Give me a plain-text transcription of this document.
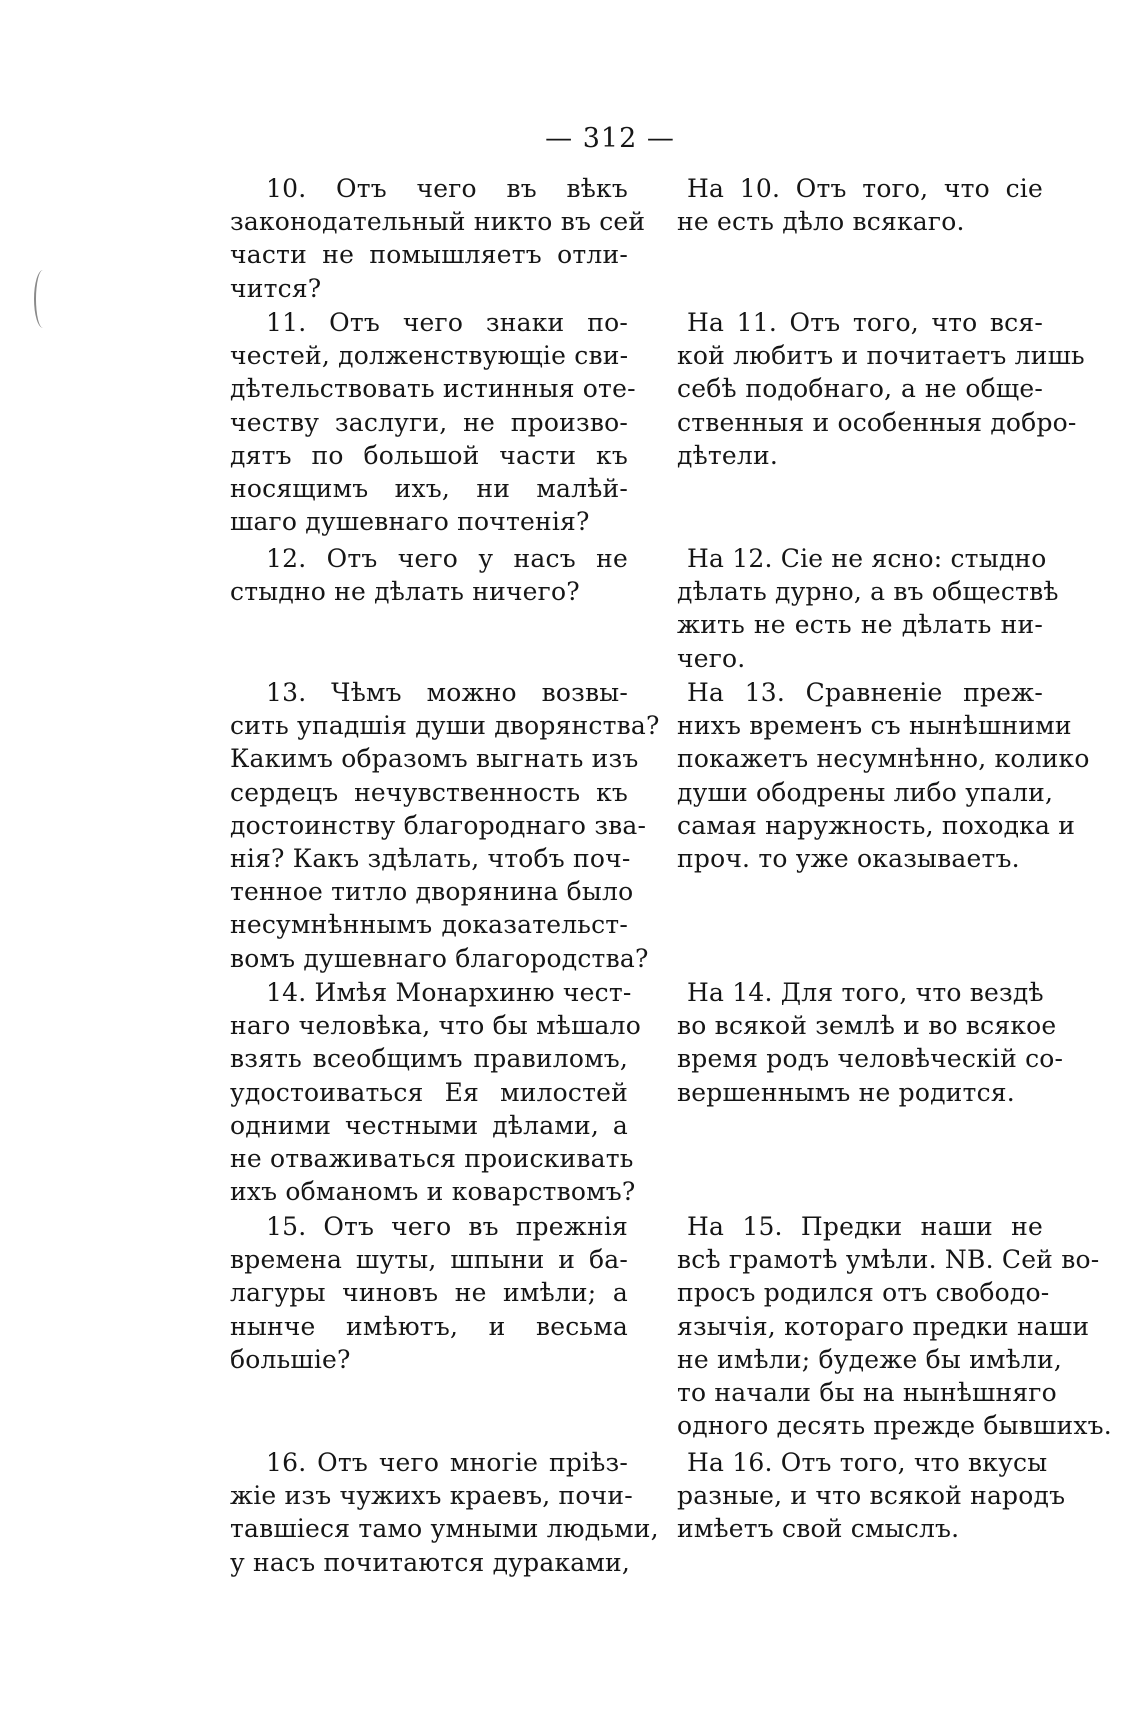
— 312 —
10. Отъ чего въ вѣкъ
законодательный никто въ сей
части не помышляетъ отли-
чится?
11. Отъ чего знаки по-
честей, долженствующіе сви-
дѣтельствовать истинныя оте-
честву заслуги, не произво-
дятъ по большой части къ
носящимъ ихъ, ни малѣй-
шаго душевнаго почтенія?
12. Отъ чего у насъ не
стыдно не дѣлать ничего?
13. Чѣмъ можно возвы-
сить упадшія души дворянства?
Какимъ образомъ выгнать изъ
сердецъ нечувственность къ
достоинству благороднаго зва-
нія? Какъ здѣлать, чтобъ поч-
тенное титло дворянина было
несумнѣннымъ доказательст-
вомъ душевнаго благородства?
14. Имѣя Монархиню чест-
наго человѣка, что бы мѣшало
взять всеобщимъ правиломъ,
удостоиваться Ея милостей
одними честными дѣлами, а
не отваживаться проискивать
ихъ обманомъ и коварствомъ?
15. Отъ чего въ прежнія
времена шуты, шпыни и ба-
лагуры чиновъ не имѣли; а
нынче имѣютъ, и весьма
большіе?
16. Отъ чего многіе пріѣз-
жіе изъ чужихъ краевъ, почи-
тавшіеся тамо умными людьми,
у насъ почитаются дураками,
На 10. Отъ того, что сіе
не есть дѣло всякаго.
На 11. Отъ того, что вся-
кой любитъ и почитаетъ лишь
себѣ подобнаго, а не обще-
ственныя и особенныя добро-
дѣтели.
На 12. Сіе не ясно: стыдно
дѣлать дурно, а въ обществѣ
жить не есть не дѣлать ни-
чего.
На 13. Сравненіе преж-
нихъ временъ съ нынѣшними
покажетъ несумнѣнно, колико
души ободрены либо упали,
самая наружность, походка и
проч. то уже оказываетъ.
На 14. Для того, что вездѣ
во всякой землѣ и во всякое
время родъ человѣческій со-
вершеннымъ не родится.
На 15. Предки наши не
всѣ грамотѣ умѣли. NB. Сей во-
просъ родился отъ свободо-
язычія, котораго предки наши
не имѣли; будеже бы имѣли,
то начали бы на нынѣшняго
одного десять прежде бывшихъ.
На 16. Отъ того, что вкусы
разные, и что всякой народъ
имѣетъ свой смыслъ.
